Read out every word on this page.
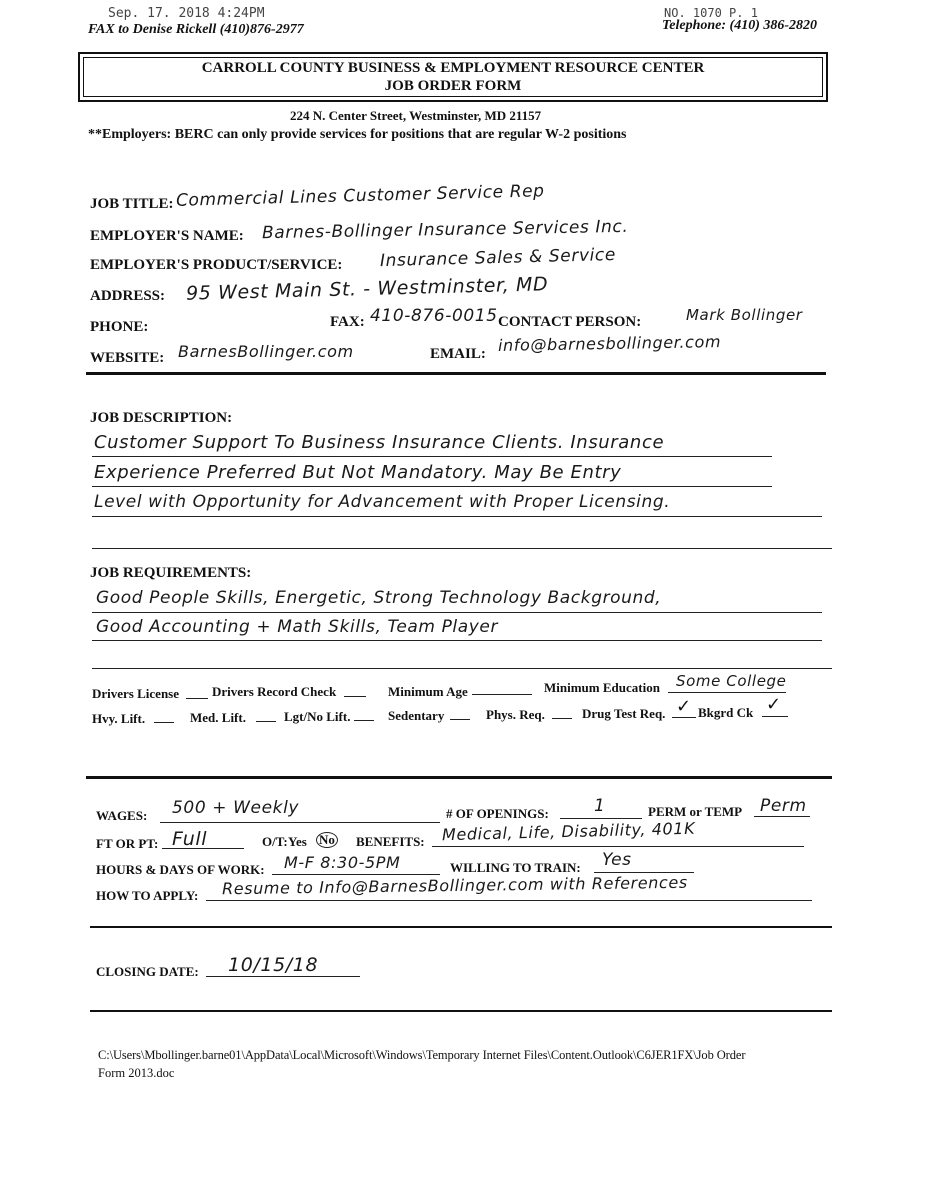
Sep. 17. 2018 4:24PM
FAX to Denise Rickell (410)876-2977
NO. 1070 P. 1
Telephone: (410) 386-2820
CARROLL COUNTY BUSINESS & EMPLOYMENT RESOURCE CENTER
JOB ORDER FORM
224 N. Center Street, Westminster, MD 21157
**Employers: BERC can only provide services for positions that are regular W-2 positions
JOB TITLE: Commercial Lines Customer Service Rep
EMPLOYER'S NAME: Barnes-Bollinger Insurance Services Inc.
EMPLOYER'S PRODUCT/SERVICE: Insurance Sales & Service
ADDRESS: 95 West Main St. - Westminster, MD
PHONE:	FAX: 410-876-0015 CONTACT PERSON:	Mark Bollinger
WEBSITE: BarnesBollinger.com	EMAIL: info@barnesbollinger.com
JOB DESCRIPTION:
Customer Support To Business Insurance Clients. Insurance
Experience Preferred But Not Mandatory. May Be Entry
Level with Opportunity for Advancement with Proper Licensing.
JOB REQUIREMENTS:
Good People Skills, Energetic, Strong Technology Background,
Good Accounting + Math Skills, Team Player
Drivers License	Drivers Record Check	Minimum Age	Minimum Education Some College
Hvy. Lift.	Med. Lift.	Lgt/No Lift.	Sedentary	Phys. Req.	Drug Test Req. ✓ Bkgrd Ck ✓
WAGES: 500 + Weekly	# OF OPENINGS:	1	PERM or TEMP Perm
FT OR PT: Full	O/T: Yes No BENEFITS: Medical, Life, Disability, 401K
HOURS & DAYS OF WORK: M-F 8:30-5PM	WILLING TO TRAIN: Yes
HOW TO APPLY: Resume to Info@BarnesBollinger.com with References
CLOSING DATE: 10/15/18
C:\Users\Mbollinger.barne01\AppData\Local\Microsoft\Windows\Temporary Internet Files\Content.Outlook\C6JER1FX\Job Order
Form 2013.doc
